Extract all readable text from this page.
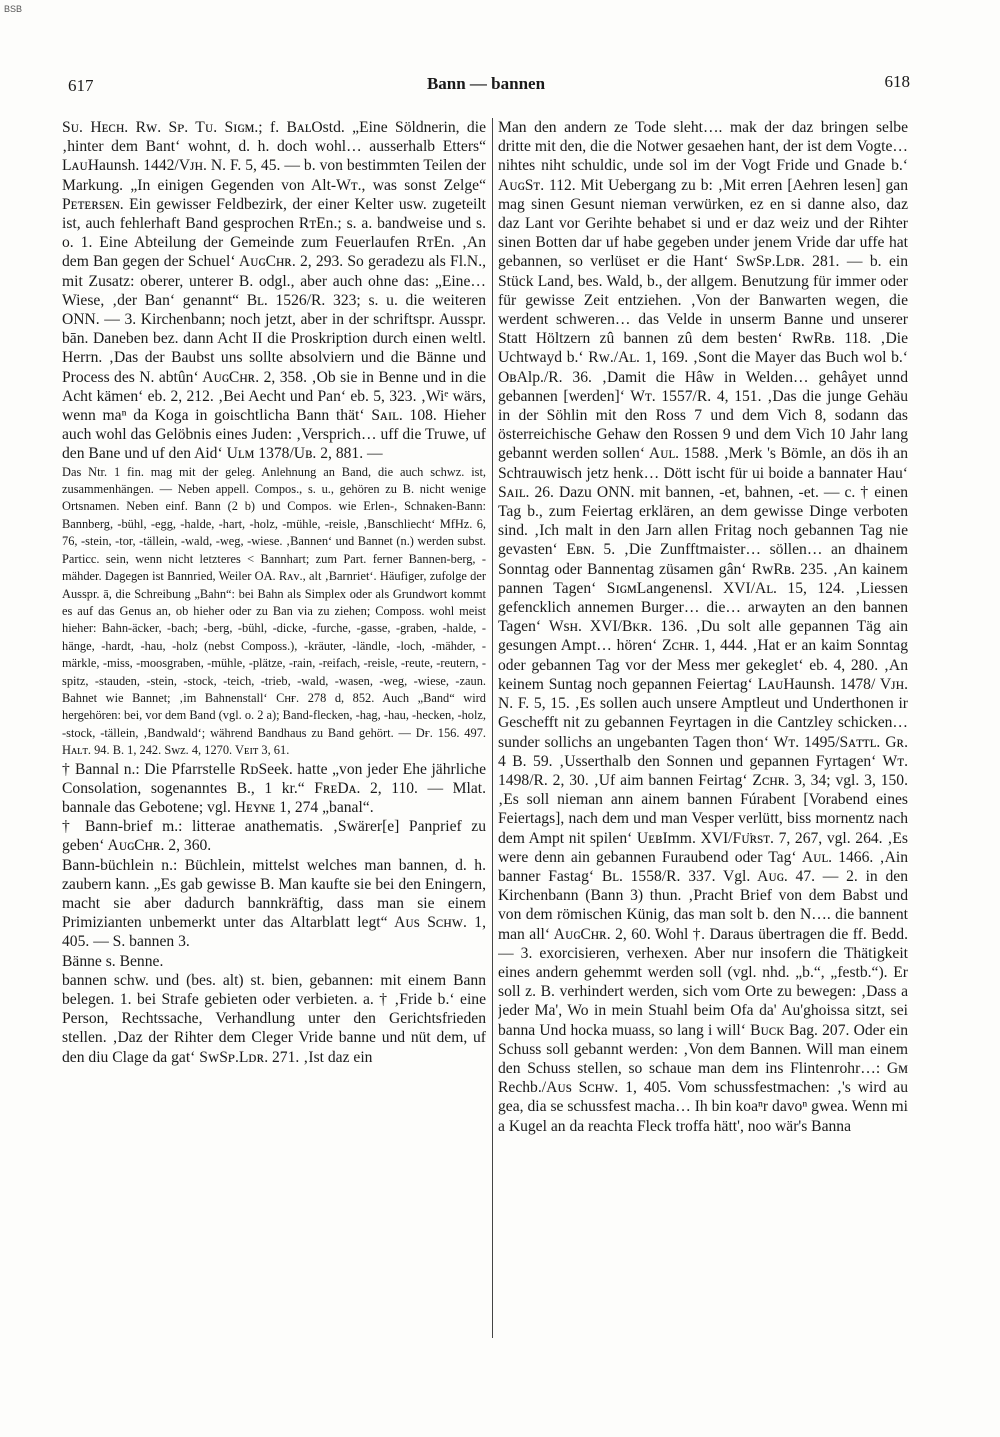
BSB
617	Bann — bannen	618

Sᴜ. Hᴇᴄʜ. Rᴡ. Sᴘ. Tᴜ. Sɪɢᴍ.; f. BᴀʟOstd. „Eine Söldnerin, die ‚hinter dem Bant‘ wohnt, d. h. doch wohl… ausserhalb Etters“ LᴀᴜHaunsh. 1442/Vᴊʜ. N. F. 5, 45. — b. von bestimmten Teilen der Markung. „In einigen Gegenden von Alt-Wᴛ., was sonst Zelge“ Pᴇᴛᴇʀsᴇɴ. Ein gewisser Feldbezirk, der einer Kelter usw. zugeteilt ist, auch fehlerhaft Band gesprochen RᴛEn.; s. a. bandweise und s. o. 1. Eine Abteilung der Gemeinde zum Feuerlaufen RᴛEn. ‚An dem Ban gegen der Schuel‘ AᴜɢCʜʀ. 2, 293. So geradezu als Fl.N., mit Zusatz: oberer, unterer B. odgl., aber auch ohne das: „Eine… Wiese, ‚der Ban‘ genannt“ Bʟ. 1526/R. 323; s. u. die weiteren ONN. — 3. Kirchenbann; noch jetzt, aber in der schriftspr. Ausspr. bān. Daneben bez. dann Acht II die Proskription durch einen weltl. Herrn. ‚Das der Baubst uns sollte absolviern und die Bänne und Process des N. abtûn‘ AᴜɢCʜʀ. 2, 358. ‚Ob sie in Benne und in die Acht kämen‘ eb. 2, 212. ‚Bei Aecht und Pan‘ eb. 5, 323. ‚Wiᵉ wärs, wenn maⁿ da Koga in goischtlicha Bann thät‘ Sᴀɪʟ. 108. Hieher auch wohl das Gelöbnis eines Juden: ‚Versprich… uff die Truwe, uf den Bane und uf den Aid‘ Uʟᴍ 1378/Uʙ. 2, 881. —

Das Ntr. 1 fin. mag mit der geleg. Anlehnung an Band, die auch schwz. ist, zusammenhängen. — Neben appell. Compos., s. u., gehören zu B. nicht wenige Ortsnamen. Neben einf. Bann (2 b) und Compos. wie Erlen-, Schnaken-Bann: Bannberg, -bühl, -egg, -halde, -hart, -holz, -mühle, -reisle, ‚Banschliecht‘ MfHz. 6, 76, -stein, -tor, -tällein, -wald, -weg, -wiese. ‚Bannen‘ und Bannet (n.) werden subst. Particc. sein, wenn nicht letzteres < Bannhart; zum Part. ferner Bannen-berg, -mähder. Dagegen ist Bannried, Weiler OA. Rᴀᴠ., alt ‚Barnriet‘. Häufiger, zufolge der Ausspr. ā, die Schreibung „Bahn“: bei Bahn als Simplex oder als Grundwort kommt es auf das Genus an, ob hieher oder zu Ban via zu ziehen; Composs. wohl meist hieher: Bahn-äcker, -bach; -berg, -bühl, -dicke, -furche, -gasse, -graben, -halde, -hänge, -hardt, -hau, -holz (nebst Composs.), -kräuter, -ländle, -loch, -mähder, -märkle, -miss, -moosgraben, -mühle, -plätze, -rain, -reifach, -reisle, -reute, -reutern, -spitz, -stauden, -stein, -stock, -teich, -trieb, -wald, -wasen, -weg, -wiese, -zaun. Bahnet wie Bannet; ‚im Bahnenstall‘ Cʜғ. 278 d, 852. Auch „Band“ wird hergehören: bei, vor dem Band (vgl. o. 2 a); Band-flecken, -hag, -hau, -hecken, -holz, -stock, -tällein, ‚Bandwald‘; während Bandhaus zu Band gehört. — Dғ. 156. 497. Hᴀʟᴛ. 94. B. 1, 242. Sᴡᴢ. 4, 1270. Vᴇɪᴛ 3, 61.

† Bannal n.: Die Pfarrstelle RᴅSeek. hatte „von jeder Ehe jährliche Consolation, sogenanntes B., 1 kr.“ FʀᴇDᴀ. 2, 110. — Mlat. bannale das Gebotene; vgl. Hᴇʏɴᴇ 1, 274 „banal“.

† Bann-brief m.: litterae anathematis. ‚Swärer[e] Panprief zu geben‘ AᴜɢCʜʀ. 2, 360.

Bann-büchlein n.: Büchlein, mittelst welches man bannen, d. h. zaubern kann. „Es gab gewisse B. Man kaufte sie bei den Eningern, macht sie aber dadurch bannkräftig, dass man sie einem Primizianten unbemerkt unter das Altarblatt legt“ Aᴜs Sᴄʜᴡ. 1, 405. — S. bannen 3.

Bänne s. Benne.

bannen schw. und (bes. alt) st. bien, gebannen: mit einem Bann belegen. 1. bei Strafe gebieten oder verbieten. a. † ‚Fride b.‘ eine Person, Rechtssache, Verhandlung unter den Gerichtsfrieden stellen. ‚Daz der Rihter dem Cleger Vride banne und nüt dem, uf den diu Clage da gat‘ SᴡSᴘ.Lᴅʀ. 271. ‚Ist daz ein

Man den andern ze Tode sleht…. mak der daz bringen selbe dritte mit den, die die Notwer gesaehen hant, der ist dem Vogte… nihtes niht schuldic, unde sol im der Vogt Fride und Gnade b.‘ AᴜɢSᴛ. 112. Mit Uebergang zu b: ‚Mit erren [Aehren lesen] gan mag sinen Gesunt nieman verwürken, ez en si danne also, daz daz Lant vor Gerihte behabet si und er daz weiz und der Rihter sinen Botten dar uf habe gegeben under jenem Vride dar uffe hat gebannen, so verlüset er die Hant‘ SᴡSᴘ.Lᴅʀ. 281. — b. ein Stück Land, bes. Wald, b., der allgem. Benutzung für immer oder für gewisse Zeit entziehen. ‚Von der Banwarten wegen, die werdent schweren… das Velde in unserm Banne und unserer Statt Höltzern zû bannen zû dem besten‘ RᴡRʙ. 118. ‚Die Uchtwayd b.‘ Rᴡ./Aʟ. 1, 169. ‚Sont die Mayer das Buch wol b.‘ OʙAlp./R. 36. ‚Damit die Hâw in Welden… gehâyet unnd gebannen [werden]‘ Wᴛ. 1557/R. 4, 151. ‚Das die junge Gehäu in der Söhlin mit den Ross 7 und dem Vich 8, sodann das österreichische Gehaw den Rossen 9 und dem Vich 10 Jahr lang gebannt werden sollen‘ Aᴜʟ. 1588. ‚Merk 's Bömle, an dös ih an Schtrauwisch jetz henk… Dött ischt für ui boide a bannater Hau‘ Sᴀɪʟ. 26. Dazu ONN. mit bannen, -et, bahnen, -et. — c. † einen Tag b., zum Feiertag erklären, an dem gewisse Dinge verboten sind. ‚Ich malt in den Jarn allen Fritag noch gebannen Tag nie gevasten‘ Eʙɴ. 5. ‚Die Zunfftmaister… söllen… an dhainem Sonntag oder Bannentag züsamen gân‘ RᴡRʙ. 235. ‚An kainem pannen Tagen‘ SɪɢᴍLangenensl. XVI/Aʟ. 15, 124. ‚Liessen gefencklich annemen Burger… die… arwayten an den bannen Tagen‘ Wsʜ. XVI/Bᴋʀ. 136. ‚Du solt alle gepannen Täg ain gesungen Ampt… hören‘ Zᴄʜʀ. 1, 444. ‚Hat er an kaim Sonntag oder gebannen Tag vor der Mess mer gekeglet‘ eb. 4, 280. ‚An keinem Suntag noch gepannen Feiertag‘ LᴀᴜHaunsh. 1478/ Vᴊʜ. N. F. 5, 15. ‚Es sollen auch unsere Amptleut und Underthonen ir Geschefft nit zu gebannen Feyrtagen in die Cantzley schicken… sunder sollichs an ungebanten Tagen thon‘ Wᴛ. 1495/Sᴀᴛᴛʟ. Gʀ. 4 B. 59. ‚Usserthalb den Sonnen und gepannen Fyrtagen‘ Wᴛ. 1498/R. 2, 30. ‚Uf aim bannen Feirtag‘ Zᴄʜʀ. 3, 34; vgl. 3, 150. ‚Es soll nieman ann ainem bannen Fúrabent [Vorabend eines Feiertags], nach dem und man Vesper verlütt, biss mornentz nach dem Ampt nit spilen‘ UᴇʙImm. XVI/Fᴜ̈ʀsᴛ. 7, 267, vgl. 264. ‚Es were denn ain gebannen Furaubend oder Tag‘ Aᴜʟ. 1466. ‚Ain banner Fastag‘ Bʟ. 1558/R. 337. Vgl. Aᴜɢ. 47. — 2. in den Kirchenbann (Bann 3) thun. ‚Pracht Brief von dem Babst und von dem römischen Künig, das man solt b. den N…. die bannent man all‘ AᴜɢCʜʀ. 2, 60. Wohl †. Daraus übertragen die ff. Bedd. — 3. exorcisieren, verhexen. Aber nur insofern die Thätigkeit eines andern gehemmt werden soll (vgl. nhd. „b.“, „festb.“). Er soll z. B. verhindert werden, sich vom Orte zu bewegen: ‚Dass a jeder Ma', Wo in mein Stuahl beim Ofa da' Au'ghoissa sitzt, sei banna Und hocka muass, so lang i will‘ Bᴜᴄᴋ Bag. 207. Oder ein Schuss soll gebannt werden: ‚Von dem Bannen. Will man einem den Schuss stellen, so schaue man dem ins Flintenrohr…: Gᴍ Rechb./Aᴜs Sᴄʜᴡ. 1, 405. Vom schussfestmachen: ‚'s wird au gea, dia se schussfest macha… Ih bin koaⁿr davoⁿ gwea. Wenn mi a Kugel an da reachta Fleck troffa hätt', noo wär's Banna
